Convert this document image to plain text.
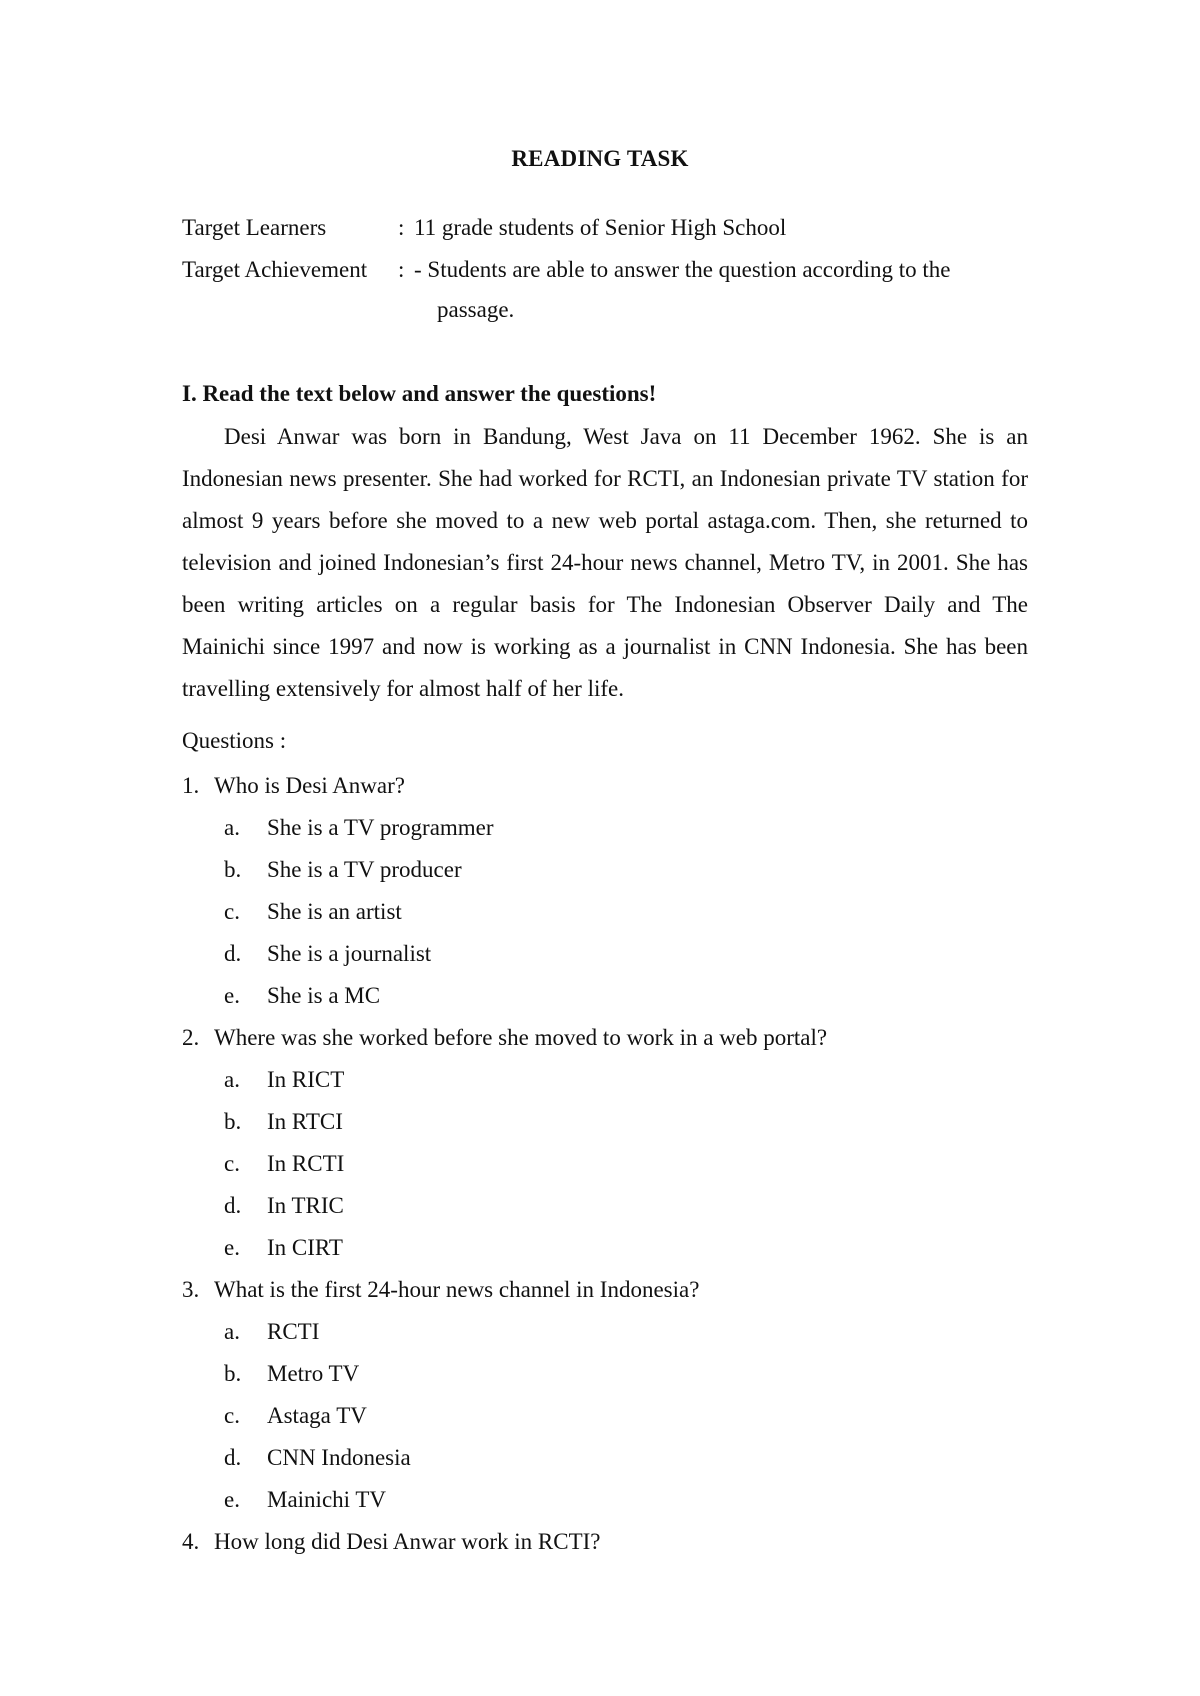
READING TASK
Target Learners	: 11 grade students of Senior High School
Target Achievement : - Students are able to answer the question according to the
passage.
I. Read the text below and answer the questions!

Desi Anwar was born in Bandung, West Java on 11 December 1962. She is an Indonesian news presenter. She had worked for RCTI, an Indonesian private TV station for almost 9 years before she moved to a new web portal astaga.com. Then, she returned to television and joined Indonesian’s first 24-hour news channel, Metro TV, in 2001. She has been writing articles on a regular basis for The Indonesian Observer Daily and The Mainichi since 1997 and now is working as a journalist in CNN Indonesia. She has been travelling extensively for almost half of her life.

Questions :
1. Who is Desi Anwar?
a. She is a TV programmer
b. She is a TV producer
c. She is an artist
d. She is a journalist
e. She is a MC
2. Where was she worked before she moved to work in a web portal?
a. In RICT
b. In RTCI
c. In RCTI
d. In TRIC
e. In CIRT
3. What is the first 24-hour news channel in Indonesia?
a. RCTI
b. Metro TV
c. Astaga TV
d. CNN Indonesia
e. Mainichi TV
4. How long did Desi Anwar work in RCTI?
